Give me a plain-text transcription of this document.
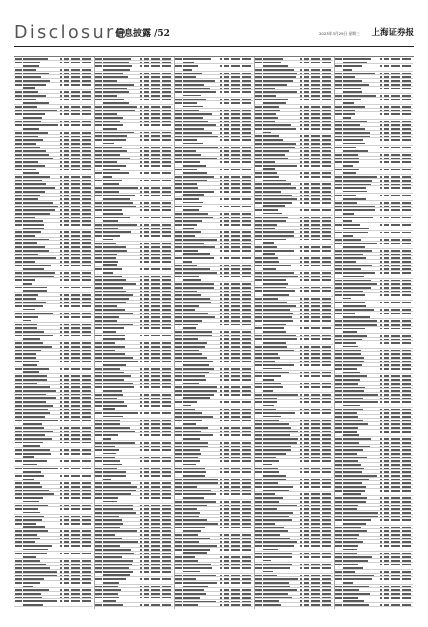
Disclosure
信息披露 /52	2023年3月29日 星期三 上海证券报
